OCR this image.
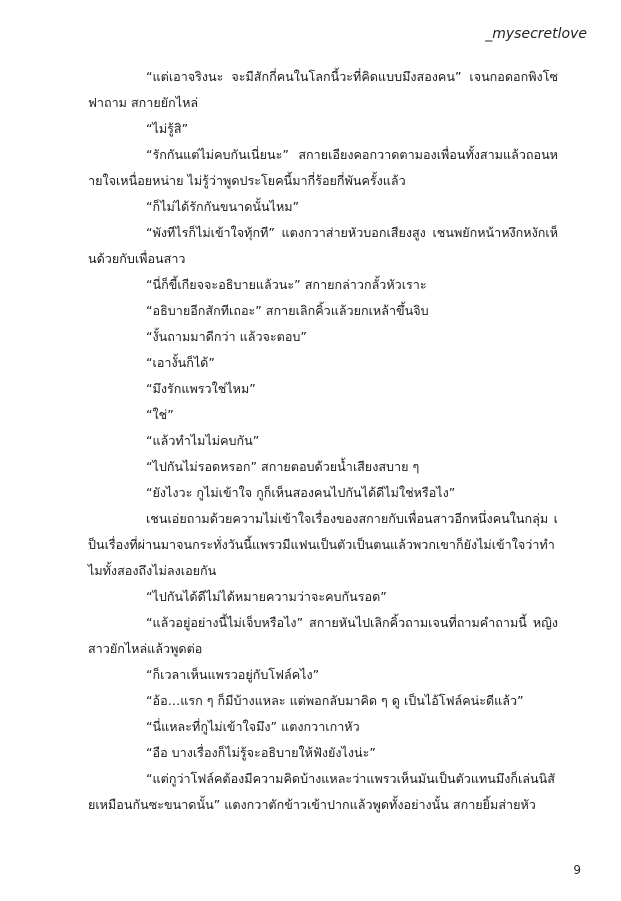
_mysecretlove

“แต่เอาจริงนะ จะมีสักกี่คนในโลกนี้วะที่คิดแบบมึงสองคน” เจนกอดอกพิงโซฟาถาม สกายยักไหล่

“ไม่รู้สิ”

“รักกันแต่ไม่คบกันเนี่ยนะ” สกายเอียงคอกวาดตามองเพื่อนทั้งสามแล้วถอนหายใจเหนื่อยหน่าย ไม่รู้ว่าพูดประโยคนี้มากี่ร้อยกี่พันครั้งแล้ว

“ก็ไม่ได้รักกันขนาดนั้นไหม”

“พังทีไรก็ไม่เข้าใจทุ้กที” แตงกวาส่ายหัวบอกเสียงสูง เชนพยักหน้าหงึกหงักเห็นด้วยกับเพื่อนสาว

“นี่ก็ขี้เกียจจะอธิบายแล้วนะ” สกายกล่าวกลั้วหัวเราะ

“อธิบายอีกสักทีเถอะ” สกายเลิกคิ้วแล้วยกเหล้าขึ้นจิบ

“งั้นถามมาดีกว่า แล้วจะตอบ”

“เอางั้นก็ได้”

“มึงรักแพรวใช่ไหม”

“ใช่”

“แล้วทำไมไม่คบกัน”

“ไปกันไม่รอดหรอก” สกายตอบด้วยน้ำเสียงสบาย ๆ

“ยังไงวะ กูไม่เข้าใจ กูก็เห็นสองคนไปกันได้ดีไม่ใช่หรือไง”

เชนเอ่ยถามด้วยความไม่เข้าใจเรื่องของสกายกับเพื่อนสาวอีกหนึ่งคนในกลุ่ม เป็นเรื่องที่ผ่านมาจนกระทั่งวันนี้แพรวมีแฟนเป็นตัวเป็นตนแล้วพวกเขาก็ยังไม่เข้าใจว่าทำไมทั้งสองถึงไม่ลงเอยกัน

“ไปกันได้ดีไม่ได้หมายความว่าจะคบกันรอด”

“แล้วอยู่อย่างนี้ไม่เจ็บหรือไง” สกายหันไปเลิกคิ้วถามเจนที่ถามคำถามนี้ หญิงสาวยักไหล่แล้วพูดต่อ

“ก็เวลาเห็นแพรวอยู่กับโฟล์คไง”

“อ้อ…แรก ๆ ก็มีบ้างแหละ แต่พอกลับมาคิด ๆ ดู เป็นไอ้โฟล์คน่ะดีแล้ว”

“นี่แหละที่กูไม่เข้าใจมึง” แตงกวาเกาหัว

“อือ บางเรื่องก็ไม่รู้จะอธิบายให้ฟังยังไงน่ะ”

“แต่กูว่าโฟล์คต้องมีความคิดบ้างแหละว่าแพรวเห็นมันเป็นตัวแทนมึงก็เล่นนิสัยเหมือนกันซะขนาดนั้น” แตงกวาตักข้าวเข้าปากแล้วพูดทั้งอย่างนั้น สกายยิ้มส่ายหัว

9
